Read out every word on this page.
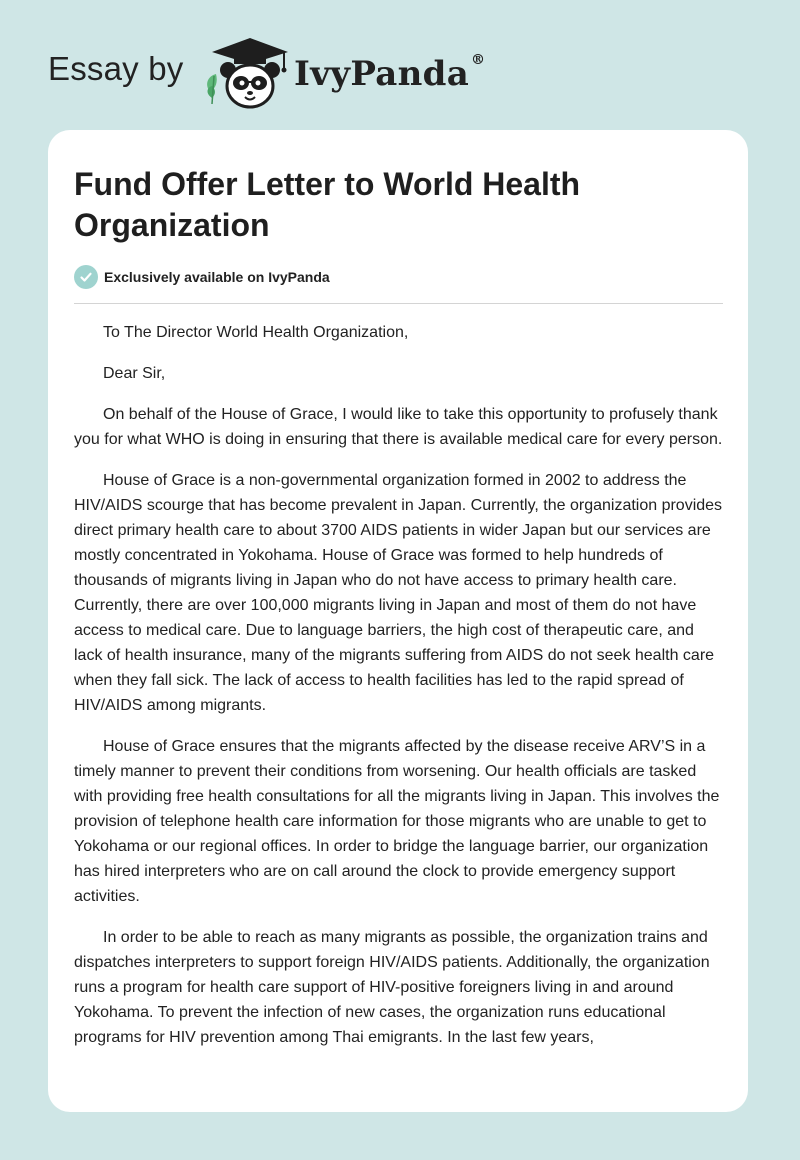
Essay by	IvyPanda ®
Fund Offer Letter to World Health Organization
Exclusively available on IvyPanda

To The Director World Health Organization,

Dear Sir,

On behalf of the House of Grace, I would like to take this opportunity to profusely thank you for what WHO is doing in ensuring that there is available medical care for every person.

House of Grace is a non-governmental organization formed in 2002 to address the HIV/AIDS scourge that has become prevalent in Japan. Currently, the organization provides direct primary health care to about 3700 AIDS patients in wider Japan but our services are mostly concentrated in Yokohama. House of Grace was formed to help hundreds of thousands of migrants living in Japan who do not have access to primary health care. Currently, there are over 100,000 migrants living in Japan and most of them do not have access to medical care. Due to language barriers, the high cost of therapeutic care, and lack of health insurance, many of the migrants suffering from AIDS do not seek health care when they fall sick. The lack of access to health facilities has led to the rapid spread of HIV/AIDS among migrants.

House of Grace ensures that the migrants affected by the disease receive ARV’S in a timely manner to prevent their conditions from worsening. Our health officials are tasked with providing free health consultations for all the migrants living in Japan. This involves the provision of telephone health care information for those migrants who are unable to get to Yokohama or our regional offices. In order to bridge the language barrier, our organization has hired interpreters who are on call around the clock to provide emergency support activities.

In order to be able to reach as many migrants as possible, the organization trains and dispatches interpreters to support foreign HIV/AIDS patients. Additionally, the organization runs a program for health care support of HIV-positive foreigners living in and around Yokohama. To prevent the infection of new cases, the organization runs educational programs for HIV prevention among Thai emigrants. In the last few years,
